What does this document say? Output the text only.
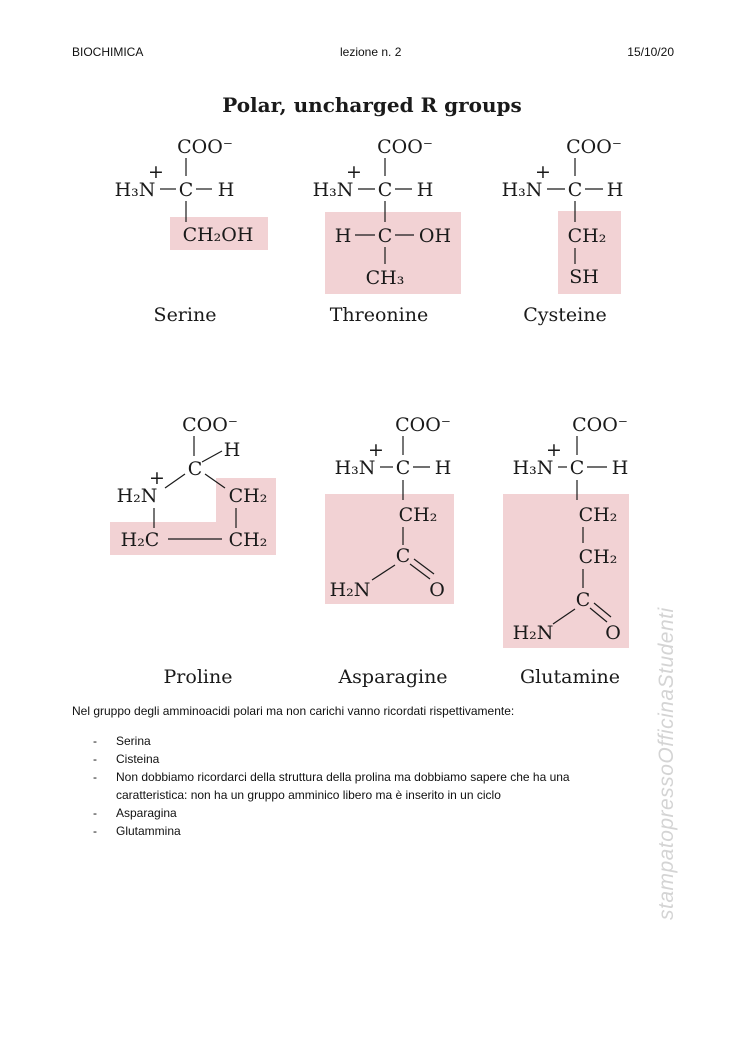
BIOCHIMICA	lezione n. 2	15/10/20
Polar, uncharged R groups
COO⁻
H₃N
+
C H
CH₂OH
Serine
COO⁻
H₃N
+
C H
H C OH
CH₃
Threonine
COO⁻
H₃N
+
C H
CH₂
SH
Cysteine
COO⁻
H
C
H₂N
+
CH₂
H₂C	CH₂
Proline
COO⁻
H₃N
+
C H
CH₂
C
H₂N	O
Asparagine
COO⁻
H₃N
+
C H
CH₂
CH₂
C
H₂N	O
Glutamine stampatopressoOfficinaStudenti
Nel gruppo degli amminoacidi polari ma non carichi vanno ricordati rispettivamente:
- Serina
- Cisteina
- Non dobbiamo ricordarci della struttura della prolina ma dobbiamo sapere che ha una caratteristica: non ha un gruppo amminico libero ma è inserito in un ciclo
- Asparagina
- Glutammina
